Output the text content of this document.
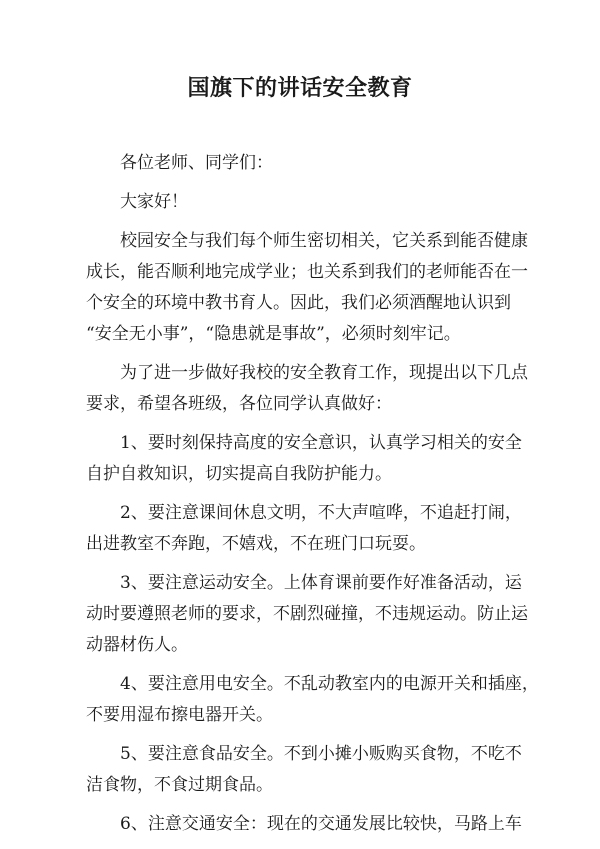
国旗下的讲话安全教育
各位老师、同学们：
大家好！
校园安全与我们每个师生密切相关，它关系到能否健康
成长，能否顺利地完成学业；也关系到我们的老师能否在一
个安全的环境中教书育人。因此，我们必须酒醒地认识到
“安全无小事”，“隐患就是事故”，必须时刻牢记。
为了进一步做好我校的安全教育工作，现提出以下几点
要求，希望各班级，各位同学认真做好：
1、要时刻保持高度的安全意识，认真学习相关的安全
自护自救知识，切实提高自我防护能力。
2、要注意课间休息文明，不大声喧哗，不追赶打闹，
出进教室不奔跑，不嬉戏，不在班门口玩耍。
3、要注意运动安全。上体育课前要作好准备活动，运
动时要遵照老师的要求，不剧烈碰撞，不违规运动。防止运
动器材伤人。
4、要注意用电安全。不乱动教室内的电源开关和插座，
不要用湿布擦电器开关。
5、要注意食品安全。不到小摊小贩购买食物，不吃不
洁食物，不食过期食品。
6、注意交通安全：现在的交通发展比较快，马路上车
